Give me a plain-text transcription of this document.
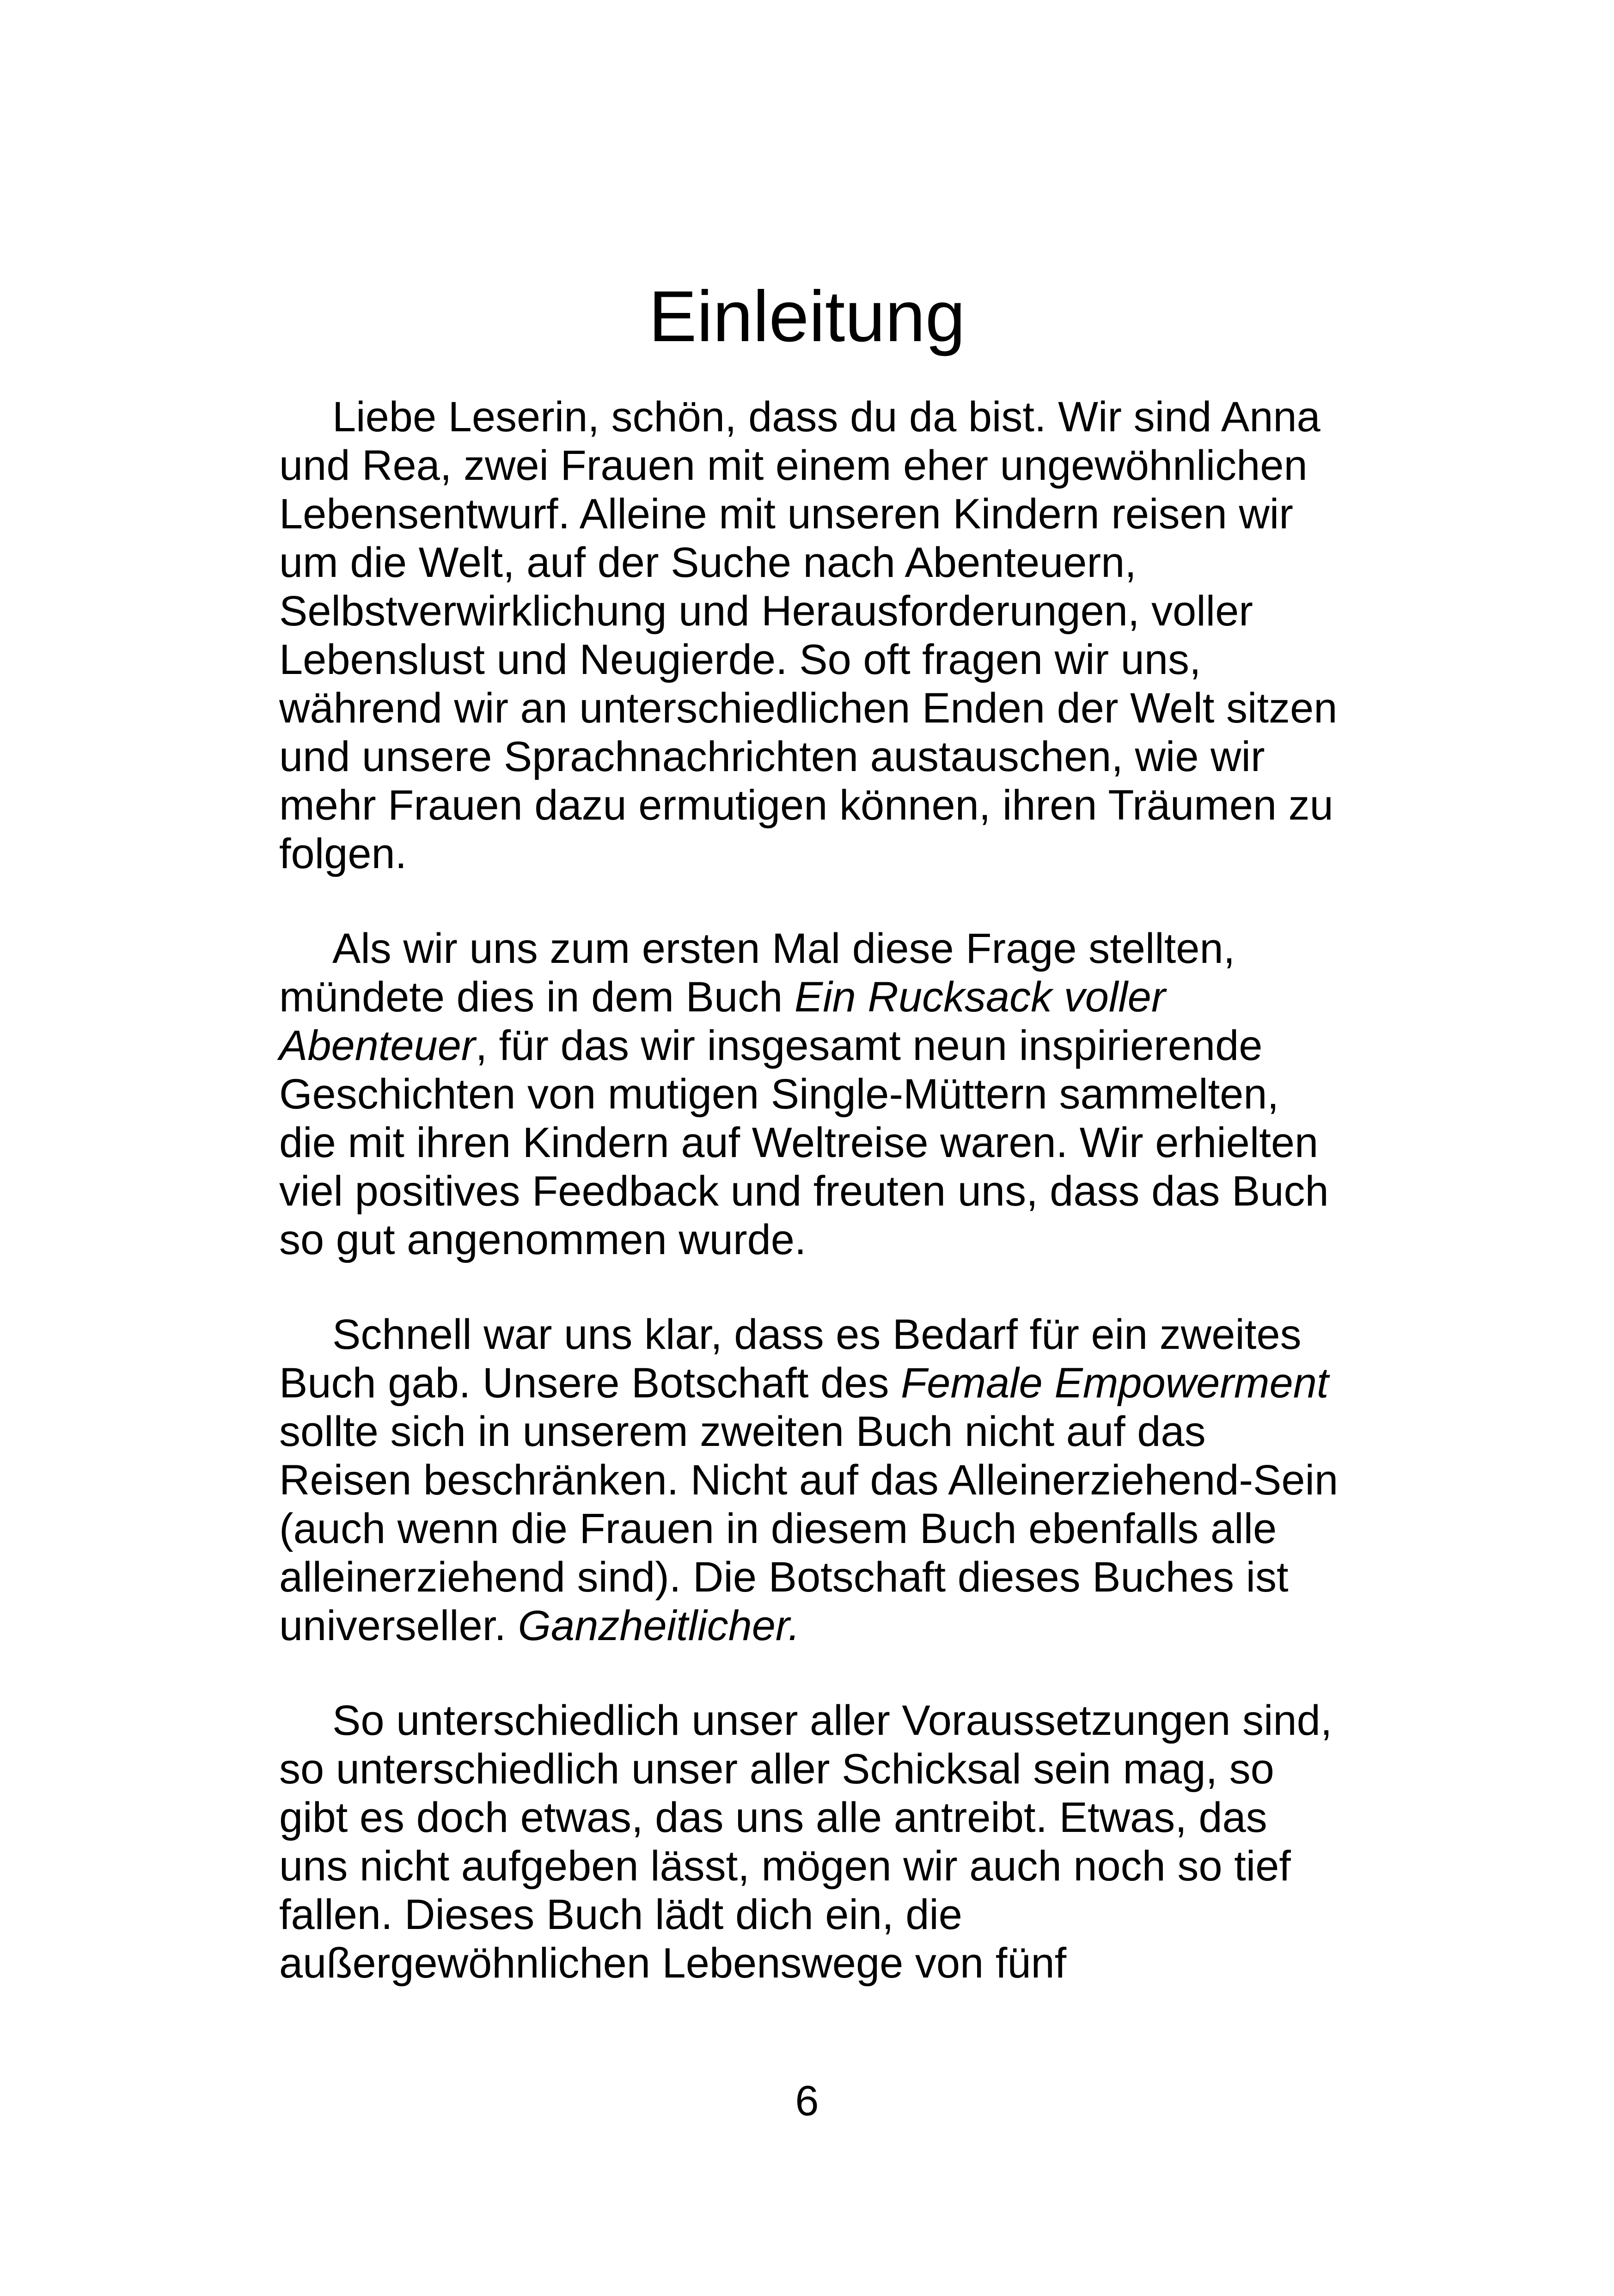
Einleitung

Liebe Leserin, schön, dass du da bist. Wir sind Anna
und Rea, zwei Frauen mit einem eher ungewöhnlichen
Lebensentwurf. Alleine mit unseren Kindern reisen wir
um die Welt, auf der Suche nach Abenteuern,
Selbstverwirklichung und Herausforderungen, voller
Lebenslust und Neugierde. So oft fragen wir uns,
während wir an unterschiedlichen Enden der Welt sitzen
und unsere Sprachnachrichten austauschen, wie wir
mehr Frauen dazu ermutigen können, ihren Träumen zu
folgen.

Als wir uns zum ersten Mal diese Frage stellten,
mündete dies in dem Buch Ein Rucksack voller
Abenteuer, für das wir insgesamt neun inspirierende
Geschichten von mutigen Single-Müttern sammelten,
die mit ihren Kindern auf Weltreise waren. Wir erhielten
viel positives Feedback und freuten uns, dass das Buch
so gut angenommen wurde.

Schnell war uns klar, dass es Bedarf für ein zweites
Buch gab. Unsere Botschaft des Female Empowerment
sollte sich in unserem zweiten Buch nicht auf das
Reisen beschränken. Nicht auf das Alleinerziehend-Sein
(auch wenn die Frauen in diesem Buch ebenfalls alle
alleinerziehend sind). Die Botschaft dieses Buches ist
universeller. Ganzheitlicher.

So unterschiedlich unser aller Voraussetzungen sind,
so unterschiedlich unser aller Schicksal sein mag, so
gibt es doch etwas, das uns alle antreibt. Etwas, das
uns nicht aufgeben lässt, mögen wir auch noch so tief
fallen. Dieses Buch lädt dich ein, die
außergewöhnlichen Lebenswege von fünf

6
